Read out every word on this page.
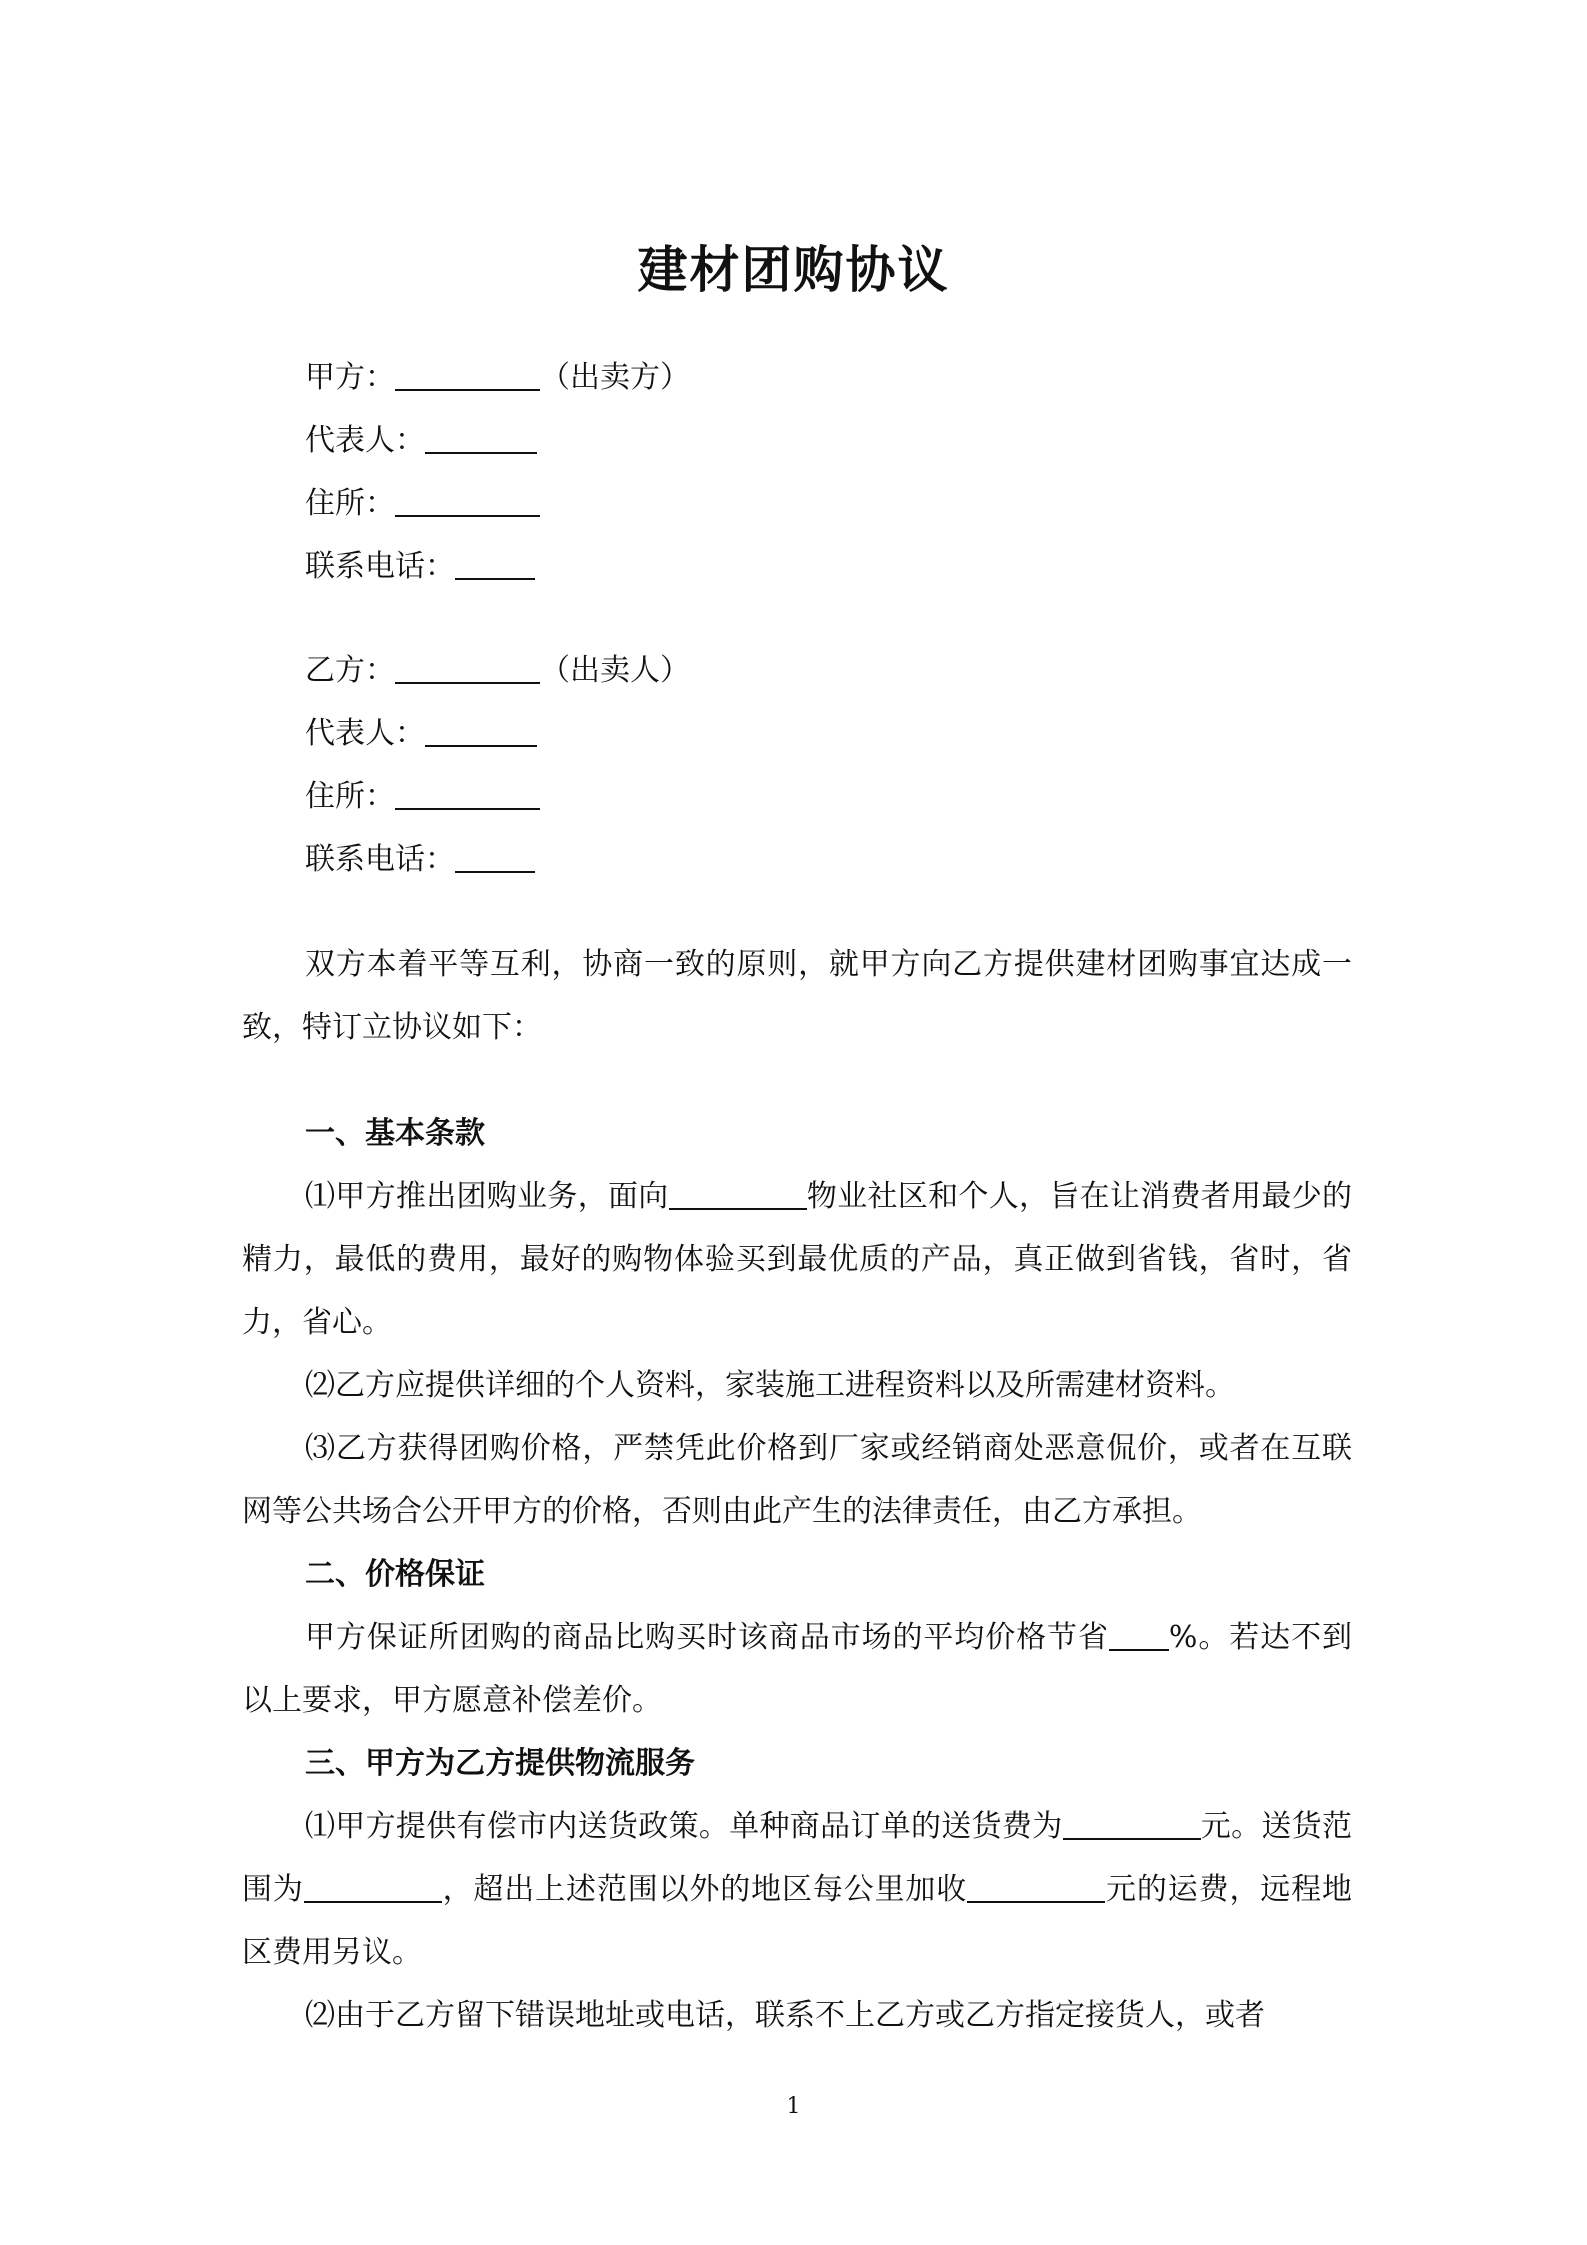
建材团购协议

甲方：	（出卖方）

代表人：

住所：

联系电话：

乙方：	（出卖人）

代表人：

住所：

联系电话：

双方本着平等互利，协商一致的原则，就甲方向乙方提供建材团购事宜达成一致，特订立协议如下：

一、基本条款

⑴甲方推出团购业务，面向	物业社区和个人，旨在让消费者用最少的精力，最低的费用，最好的购物体验买到最优质的产品，真正做到省钱，省时，省力，省心。

⑵乙方应提供详细的个人资料，家装施工进程资料以及所需建材资料。

⑶乙方获得团购价格，严禁凭此价格到厂家或经销商处恶意侃价，或者在互联网等公共场合公开甲方的价格，否则由此产生的法律责任，由乙方承担。

二、价格保证

甲方保证所团购的商品比购买时该商品市场的平均价格节省 %。若达不到以上要求，甲方愿意补偿差价。

三、甲方为乙方提供物流服务

⑴甲方提供有偿市内送货政策。单种商品订单的送货费为	元。送货范围为	，超出上述范围以外的地区每公里加收	元的运费，远程地区费用另议。

⑵由于乙方留下错误地址或电话，联系不上乙方或乙方指定接货人，或者

1
